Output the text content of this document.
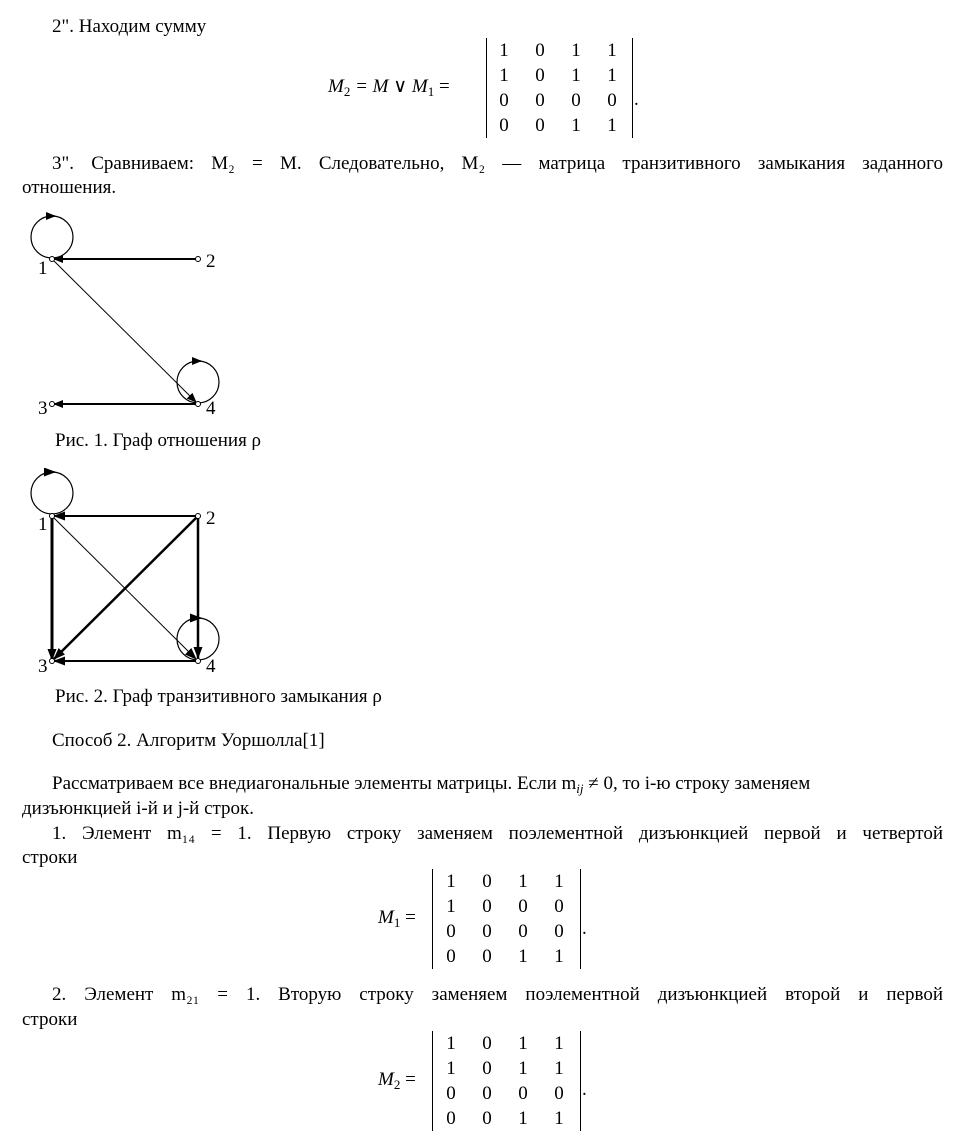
2". Находим сумму
$M_2 = M$ ∨ $M_1$ =
1	0	1	1
1	0	1	1
0	0	0	0
0	0	1	1
.
3". Сравниваем: M₂ = M. Следовательно, M₂ — матрица транзитивного замыкания заданного
отношения.
1	2
3	4
Рис. 1. Граф отношения ρ
1	2
3	4
Рис. 2. Граф транзитивного замыкания ρ
Способ 2. Алгоритм Уоршолла[1]
Рассматриваем все внедиагональные элементы матрицы. Если $m_{ij} \ne 0$, то i-ю строку заменяем
дизъюнкцией i-й и j-й строк.
1. Элемент m₁₄ = 1. Первую строку заменяем поэлементной дизъюнкцией первой и четвертой
строки
$M_1$ =
1	0	1	1
1	0	0	0
0	0	0	0
0	0	1	1
.
2. Элемент m₂₁ = 1. Вторую строку заменяем поэлементной дизъюнкцией второй и первой
строки
$M_2$ =
1	0	1	1
1	0	1	1
0	0	0	0
0	0	1	1
.
